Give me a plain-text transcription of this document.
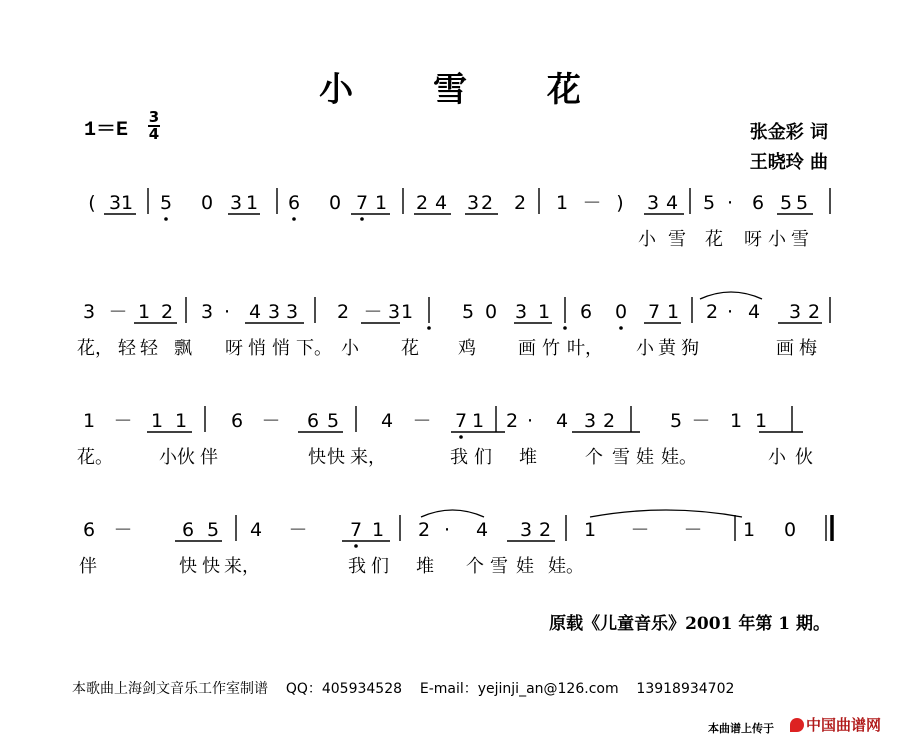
小 雪 花
$1=E \frac{3}{4}$	张金彩 词
王晓玲 曲
( 3 1 5 0 3 1 6 0 7 1 2 4 3 2 2 1 － ) 3 4 5 · 6 5 5
3 － 1 2 3 · 4 3 3 2 － 3 1	5 0 3 1 6 0 7 1 2 · 4 3 2
1 － 1 1 6 － 6 5 4 － 7 1 2 · 4 3 2	5 － 1 1
6 －	6 5 4 － 7 1 2 · 4 3 2 1 － － 1 0
小 雪 花 呀 小 雪
花， 轻 轻 飘 呀 悄 悄 下。 小 花 鸡 画 竹 叶， 小 黄 狗	画 梅
花。	小 伙 伴	快 快 来，	我 们 堆	个 雪 娃 娃。	小 伙
伴	快 快 来，	我 们 堆 个 雪 娃 娃。
原载《儿童音乐》2001 年第 1 期。
本歌曲上海剑文音乐工作室制谱 QQ：405934528 E-mail：yejinji_an@126.com 13918934702
本曲谱上传于	中国曲谱网
